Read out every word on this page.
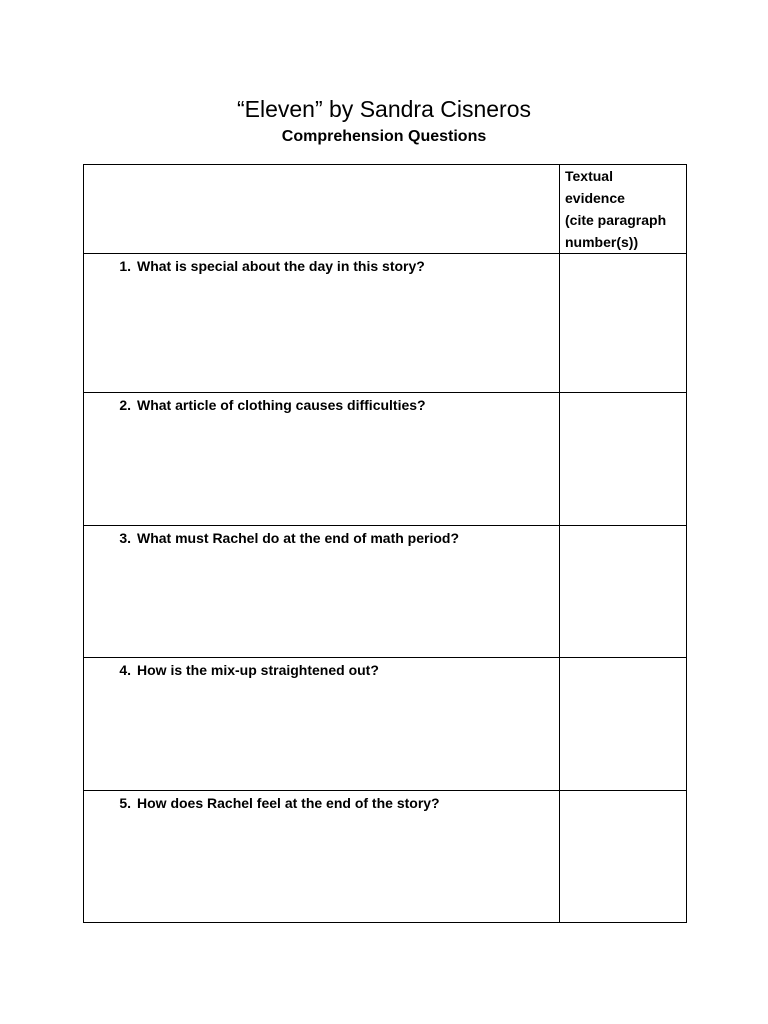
“Eleven” by Sandra Cisneros
Comprehension Questions

	Textual
evidence
(cite paragraph
number(s))

1. What is special about the day in this story?	

2. What article of clothing causes difficulties?	

3. What must Rachel do at the end of math period?	

4. How is the mix-up straightened out?	

5. How does Rachel feel at the end of the story?	
